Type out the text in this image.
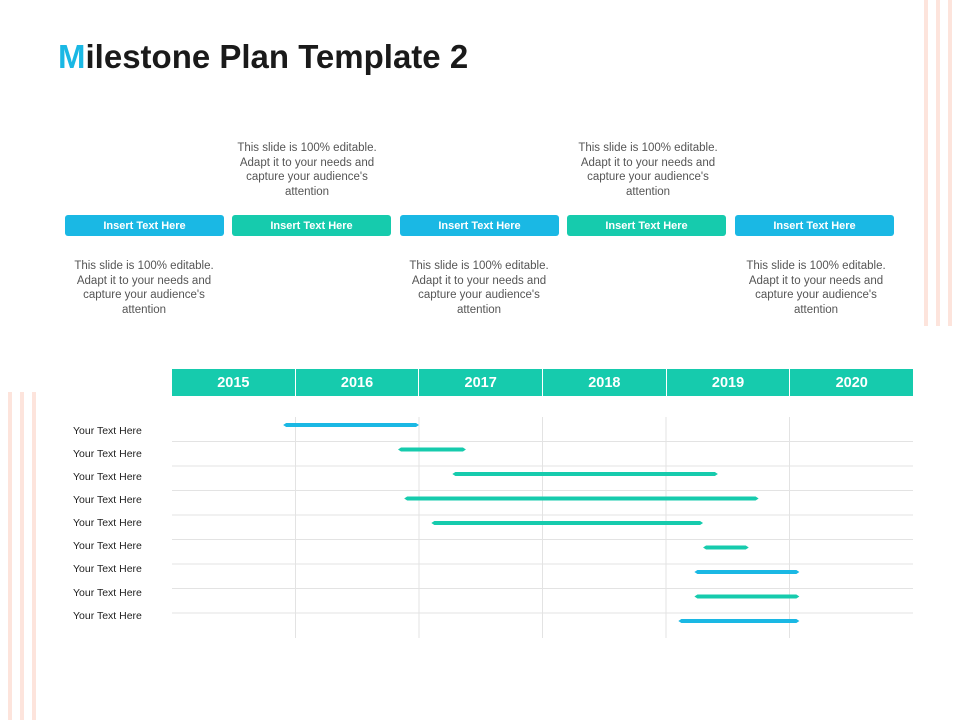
Milestone Plan Template 2
This slide is 100% editable. Adapt it to your needs and capture your audience's attention
This slide is 100% editable. Adapt it to your needs and capture your audience's attention
This slide is 100% editable. Adapt it to your needs and capture your audience's attention
This slide is 100% editable. Adapt it to your needs and capture your audience's attention
This slide is 100% editable. Adapt it to your needs and capture your audience's attention
Insert Text Here	Insert Text Here	Insert Text Here	Insert Text Here	Insert Text Here
2015	2016	2017	2018	2019	2020
Your Text Here
Your Text Here
Your Text Here
Your Text Here
Your Text Here
Your Text Here
Your Text Here
Your Text Here
Your Text Here
